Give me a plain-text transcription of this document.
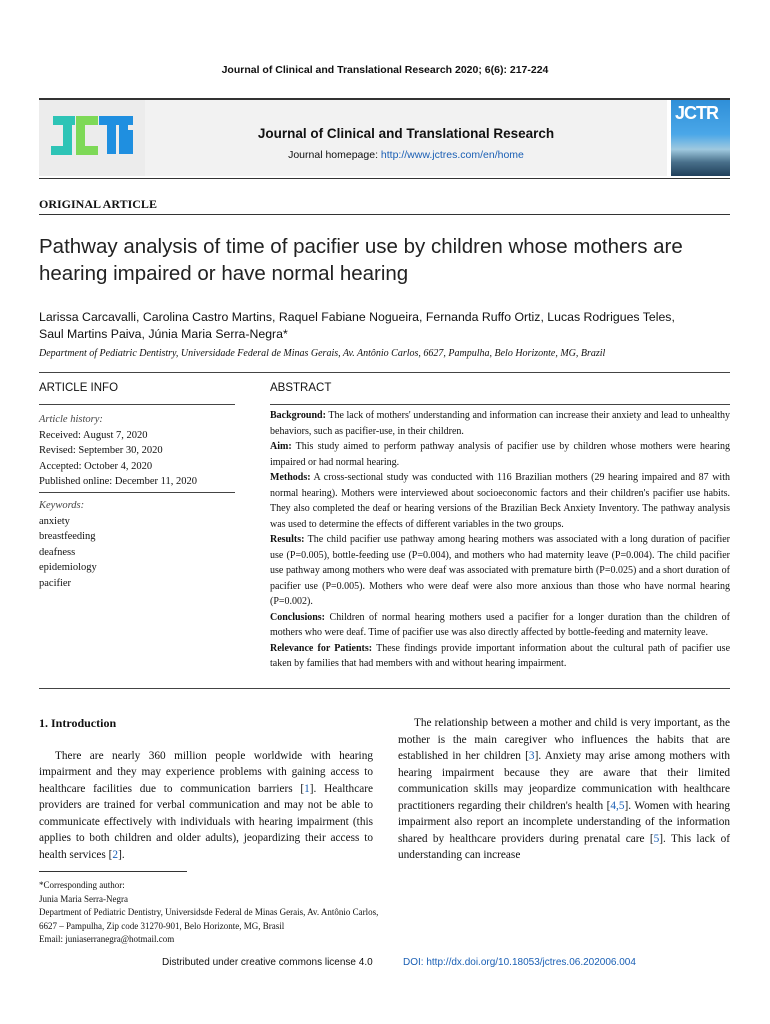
Journal of Clinical and Translational Research 2020; 6(6): 217-224
Journal of Clinical and Translational Research
Journal homepage: http://www.jctres.com/en/home
JCTR
ORIGINAL ARTICLE
Pathway analysis of time of pacifier use by children whose mothers are
hearing impaired or have normal hearing
Larissa Carcavalli, Carolina Castro Martins, Raquel Fabiane Nogueira, Fernanda Ruffo Ortiz, Lucas Rodrigues Teles,
Saul Martins Paiva, Júnia Maria Serra-Negra*
Department of Pediatric Dentistry, Universidade Federal de Minas Gerais, Av. Antônio Carlos, 6627, Pampulha, Belo Horizonte, MG, Brazil
ARTICLE INFO	ABSTRACT
Article history:
Received: August 7, 2020
Revised: September 30, 2020
Accepted: October 4, 2020
Published online: December 11, 2020
Keywords:
anxiety
breastfeeding
deafness
epidemiology
pacifier

Background: The lack of mothers' understanding and information can increase their anxiety and lead to unhealthy behaviors, such as pacifier-use, in their children.

Aim: This study aimed to perform pathway analysis of pacifier use by children whose mothers were hearing impaired or had normal hearing.

Methods: A cross-sectional study was conducted with 116 Brazilian mothers (29 hearing impaired and 87 with normal hearing). Mothers were interviewed about socioeconomic factors and their children's pacifier use habits. They also completed the deaf or hearing versions of the Brazilian Beck Anxiety Inventory. The pathway analysis was used to determine the effects of different variables in the two groups.

Results: The child pacifier use pathway among hearing mothers was associated with a long duration of pacifier use (P=0.005), bottle-feeding use (P=0.004), and mothers who had maternity leave (P=0.004). The child pacifier use pathway among mothers who were deaf was associated with premature birth (P=0.025) and a short duration of pacifier use (P=0.005). Mothers who were deaf were also more anxious than those who have normal hearing (P=0.002).

Conclusions: Children of normal hearing mothers used a pacifier for a longer duration than the children of mothers who were deaf. Time of pacifier use was also directly affected by bottle-feeding and maternity leave.

Relevance for Patients: These findings provide important information about the cultural path of pacifier use taken by families that had members with and without hearing impairment.

1. Introduction

There are nearly 360 million people worldwide with hearing impairment and they may experience problems with gaining access to healthcare facilities due to communication barriers [1]. Healthcare providers are trained for verbal communication and may not be able to communicate effectively with individuals with hearing impairment (this applies to both children and older adults), jeopardizing their access to health services [2].

The relationship between a mother and child is very important, as the mother is the main caregiver who influences the habits that are established in her children [3]. Anxiety may arise among mothers with hearing impairment because they are aware that their limited communication skills may jeopardize communication with healthcare practitioners regarding their children's health [4,5]. Women with hearing impairment also report an incomplete understanding of the information shared by healthcare providers during prenatal care [5]. This lack of understanding can increase

*Corresponding author:
Junia Maria Serra-Negra
Department of Pediatric Dentistry, Universidsde Federal de Minas Gerais, Av. Antônio Carlos,
6627 – Pampulha, Zip code 31270-901, Belo Horizonte, MG, Brasil
Email: juniaserranegra@hotmail.com
Distributed under creative commons license 4.0	DOI: http://dx.doi.org/10.18053/jctres.06.202006.004
